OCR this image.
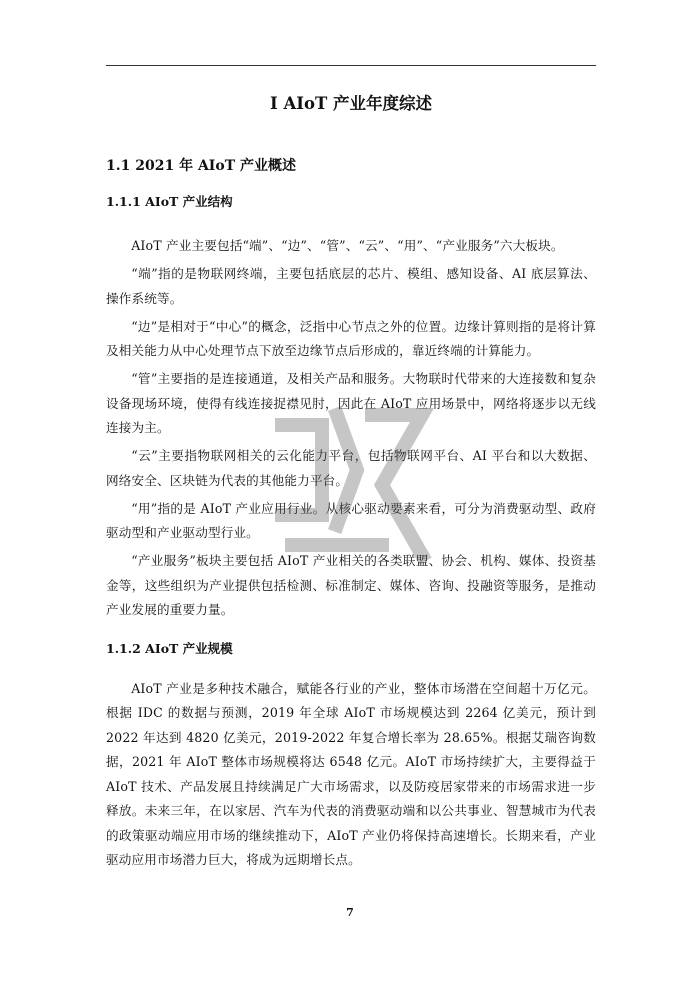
I AIoT 产业年度综述
1.1 2021 年 AIoT 产业概述
1.1.1 AIoT 产业结构

AIoT 产业主要包括“端”、“边”、“管”、“云”、“用”、“产业服务”六大板块。

“端”指的是物联网终端，主要包括底层的芯片、模组、感知设备、AI 底层算法、操作系统等。

“边”是相对于“中心”的概念，泛指中心节点之外的位置。边缘计算则指的是将计算及相关能力从中心处理节点下放至边缘节点后形成的，靠近终端的计算能力。

“管”主要指的是连接通道，及相关产品和服务。大物联时代带来的大连接数和复杂设备现场环境，使得有线连接捉襟见肘，因此在 AIoT 应用场景中，网络将逐步以无线连接为主。

“云”主要指物联网相关的云化能力平台，包括物联网平台、AI 平台和以大数据、网络安全、区块链为代表的其他能力平台。

“用”指的是 AIoT 产业应用行业。从核心驱动要素来看，可分为消费驱动型、政府驱动型和产业驱动型行业。

“产业服务”板块主要包括 AIoT 产业相关的各类联盟、协会、机构、媒体、投资基金等，这些组织为产业提供包括检测、标准制定、媒体、咨询、投融资等服务，是推动产业发展的重要力量。

1.1.2 AIoT 产业规模

AIoT 产业是多种技术融合，赋能各行业的产业，整体市场潜在空间超十万亿元。根据 IDC 的数据与预测，2019 年全球 AIoT 市场规模达到 2264 亿美元，预计到 2022 年达到 4820 亿美元，2019-2022 年复合增长率为 28.65%。根据艾瑞咨询数据，2021 年 AIoT 整体市场规模将达 6548 亿元。AIoT 市场持续扩大，主要得益于 AIoT 技术、产品发展且持续满足广大市场需求，以及防疫居家带来的市场需求进一步释放。未来三年，在以家居、汽车为代表的消费驱动端和以公共事业、智慧城市为代表的政策驱动端应用市场的继续推动下，AIoT 产业仍将保持高速增长。长期来看，产业驱动应用市场潜力巨大，将成为远期增长点。

7
